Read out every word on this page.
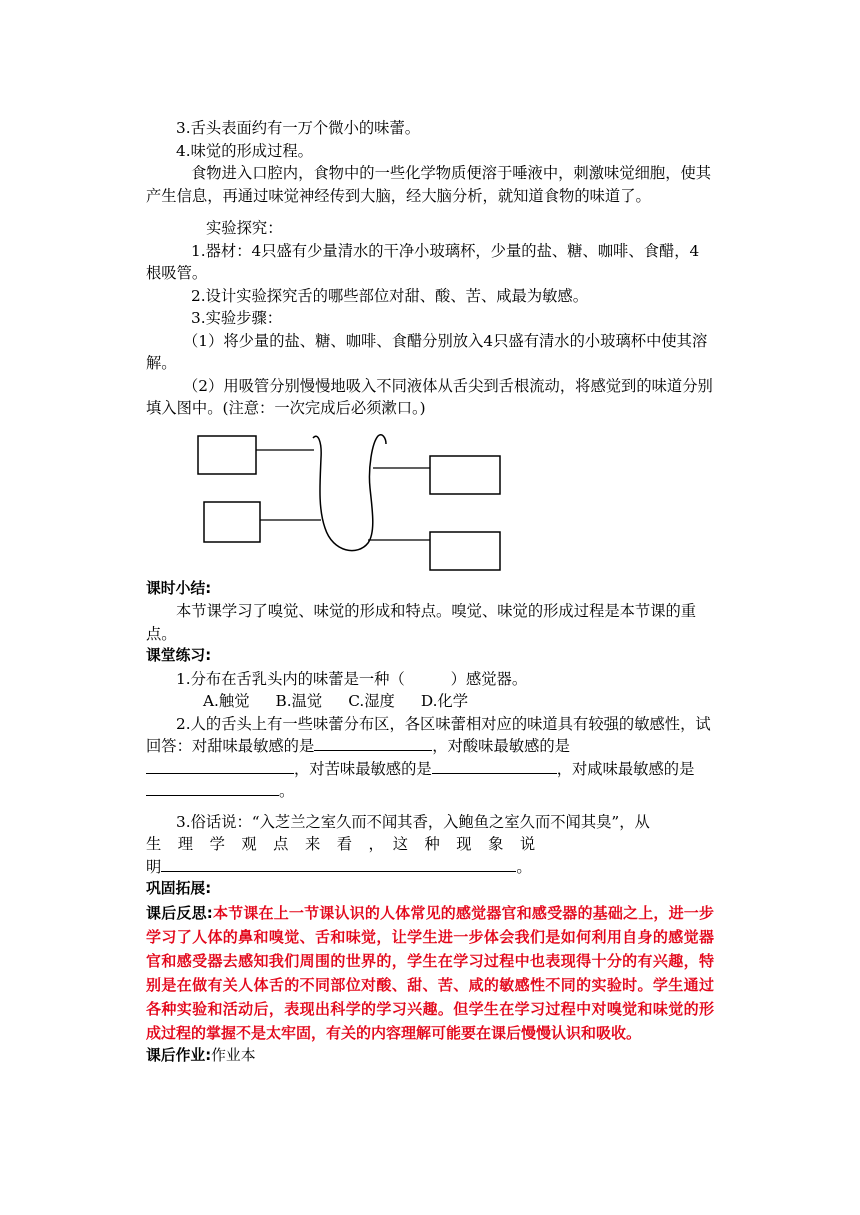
3.舌头表面约有一万个微小的味蕾。

4.味觉的形成过程。

食物进入口腔内，食物中的一些化学物质便溶于唾液中，刺激味觉细胞，使其产生信息，再通过味觉神经传到大脑，经大脑分析，就知道食物的味道了。

实验探究：

1.器材：4只盛有少量清水的干净小玻璃杯，少量的盐、糖、咖啡、食醋，4根吸管。

2.设计实验探究舌的哪些部位对甜、酸、苦、咸最为敏感。

3.实验步骤：

（1）将少量的盐、糖、咖啡、食醋分别放入4只盛有清水的小玻璃杯中使其溶解。

（2）用吸管分别慢慢地吸入不同液体从舌尖到舌根流动，将感觉到的味道分别填入图中。(注意：一次完成后必须漱口。)

课时小结:

本节课学习了嗅觉、味觉的形成和特点。嗅觉、味觉的形成过程是本节课的重点。

课堂练习:

1.分布在舌乳头内的味蕾是一种（　　　）感觉器。

A.触觉 B.温觉 C.湿度 D.化学

2.人的舌头上有一些味蕾分布区，各区味蕾相对应的味道具有较强的敏感性，试回答：对甜味最敏感的是	，对酸味最敏感的是，对苦味最敏感的是	，对咸味最敏感的是。

3.俗话说：“入芝兰之室久而不闻其香，入鲍鱼之室久而不闻其臭”，从

生　理　学　观　点　来　看　，　这　种　现　象　说

明	。

巩固拓展:

课后反思:本节课在上一节课认识的人体常见的感觉器官和感受器的基础之上，进一步学习了人体的鼻和嗅觉、舌和味觉，让学生进一步体会我们是如何利用自身的感觉器官和感受器去感知我们周围的世界的，学生在学习过程中也表现得十分的有兴趣，特别是在做有关人体舌的不同部位对酸、甜、苦、咸的敏感性不同的实验时。学生通过各种实验和活动后，表现出科学的学习兴趣。但学生在学习过程中对嗅觉和味觉的形成过程的掌握不是太牢固，有关的内容理解可能要在课后慢慢认识和吸收。

课后作业:作业本
